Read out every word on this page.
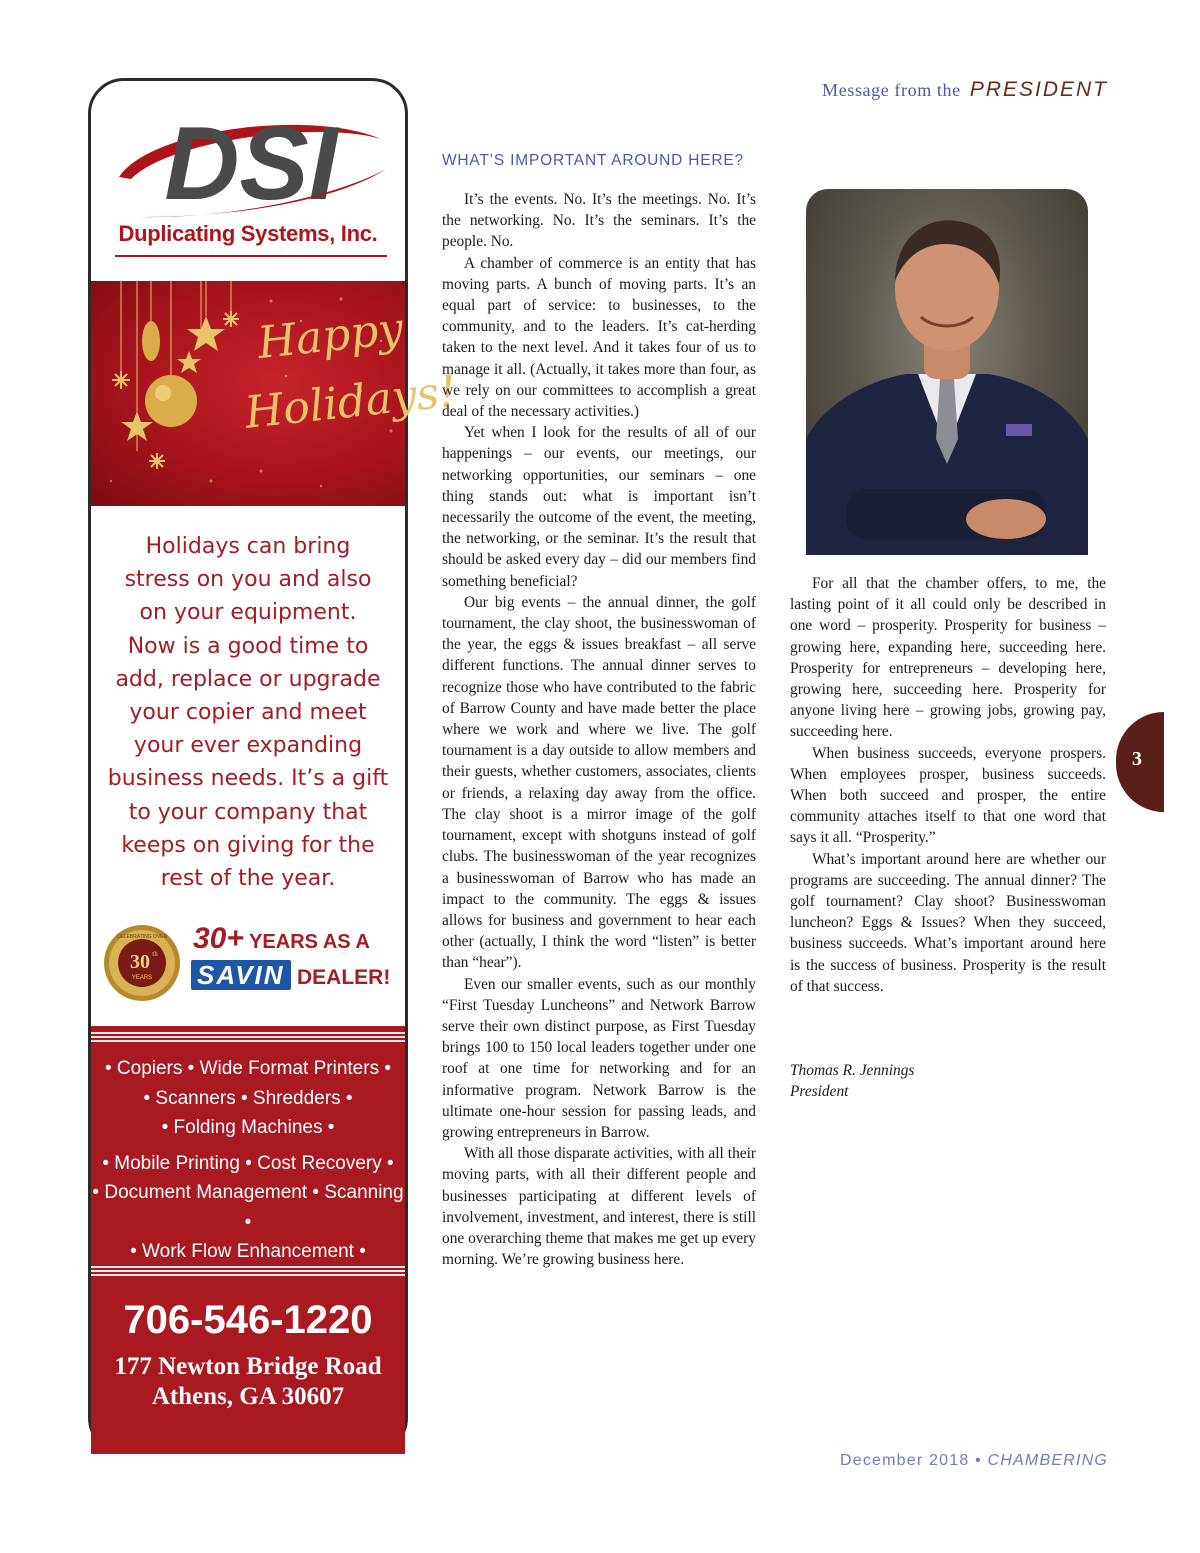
Message from the PRESIDENT
DSI
Duplicating Systems, Inc.
Happy
Holidays!
Holidays can bring
stress on you and also
on your equipment.
Now is a good time to
add, replace or upgrade
your copier and meet
your ever expanding
business needs. It’s a gift
to your company that
keeps on giving for the
rest of the year.
CELEBRATING OVER
30 th
YEARS
30+ YEARS AS A
SAVIN DEALER!
• Copiers • Wide Format Printers •
• Scanners • Shredders •
• Folding Machines •
• Mobile Printing • Cost Recovery •
• Document Management • Scanning •
• Work Flow Enhancement •
706-546-1220
177 Newton Bridge Road
Athens, GA 30607
WHAT’S IMPORTANT AROUND HERE?

It’s the events. No. It’s the meetings. No. It’s the networking. No. It’s the seminars. It’s the people. No.

A chamber of commerce is an entity that has moving parts. A bunch of moving parts. It’s an equal part of service: to businesses, to the community, and to the leaders. It’s cat-herding taken to the next level. And it takes four of us to manage it all. (Actually, it takes more than four, as we rely on our committees to accomplish a great deal of the necessary activities.)

Yet when I look for the results of all of our happenings – our events, our meetings, our networking opportunities, our seminars – one thing stands out: what is important isn’t necessarily the outcome of the event, the meeting, the networking, or the seminar. It’s the result that should be asked every day – did our members find something beneficial?

Our big events – the annual dinner, the golf tournament, the clay shoot, the businesswoman of the year, the eggs & issues breakfast – all serve different functions. The annual dinner serves to recognize those who have contributed to the fabric of Barrow County and have made better the place where we work and where we live. The golf tournament is a day outside to allow members and their guests, whether customers, associates, clients or friends, a relaxing day away from the office. The clay shoot is a mirror image of the golf tournament, except with shotguns instead of golf clubs. The businesswoman of the year recognizes a businesswoman of Barrow who has made an impact to the community. The eggs & issues allows for business and government to hear each other (actually, I think the word “listen” is better than “hear”).

Even our smaller events, such as our monthly “First Tuesday Luncheons” and Network Barrow serve their own distinct purpose, as First Tuesday brings 100 to 150 local leaders together under one roof at one time for networking and for an informative program. Network Barrow is the ultimate one-hour session for passing leads, and growing entrepreneurs in Barrow.

With all those disparate activities, with all their moving parts, with all their different people and businesses participating at different levels of involvement, investment, and interest, there is still one overarching theme that makes me get up every morning. We’re growing business here.

For all that the chamber offers, to me, the lasting point of it all could only be described in one word – prosperity. Prosperity for business – growing here, expanding here, succeeding here. Prosperity for entrepreneurs – developing here, growing here, succeeding here. Prosperity for anyone living here – growing jobs, growing pay, succeeding here.

When business succeeds, everyone prospers. When employees prosper, business succeeds. When both succeed and prosper, the entire community attaches itself to that one word that says it all. “Prosperity.”

What’s important around here are whether our programs are succeeding. The annual dinner? The golf tournament? Clay shoot? Businesswoman luncheon? Eggs & Issues? When they succeed, business succeeds. What’s important around here is the success of business. Prosperity is the result of that success.

Thomas R. Jennings
President
3
December 2018 • CHAMBERING
